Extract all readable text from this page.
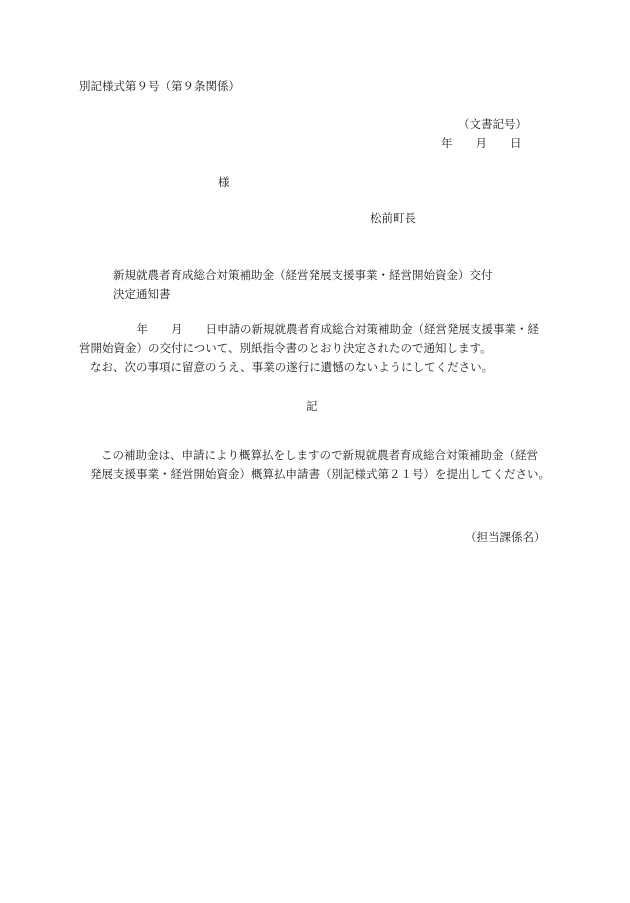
別記様式第９号（第９条関係）

（文書記号）

年　　月　　日

様

松前町長

新規就農者育成総合対策補助金（経営発展支援事業・経営開始資金）交付

決定通知書

　　　　　年　　月　　日申請の新規就農者育成総合対策補助金（経営発展支援事業・経

営開始資金）の交付について、別紙指令書のとおり決定されたので通知します。

なお、次の事項に留意のうえ、事業の遂行に遺憾のないようにしてください。

記

この補助金は、申請により概算払をしますので新規就農者育成総合対策補助金（経営

発展支援事業・経営開始資金）概算払申請書（別記様式第２１号）を提出してください。

（担当課係名）
